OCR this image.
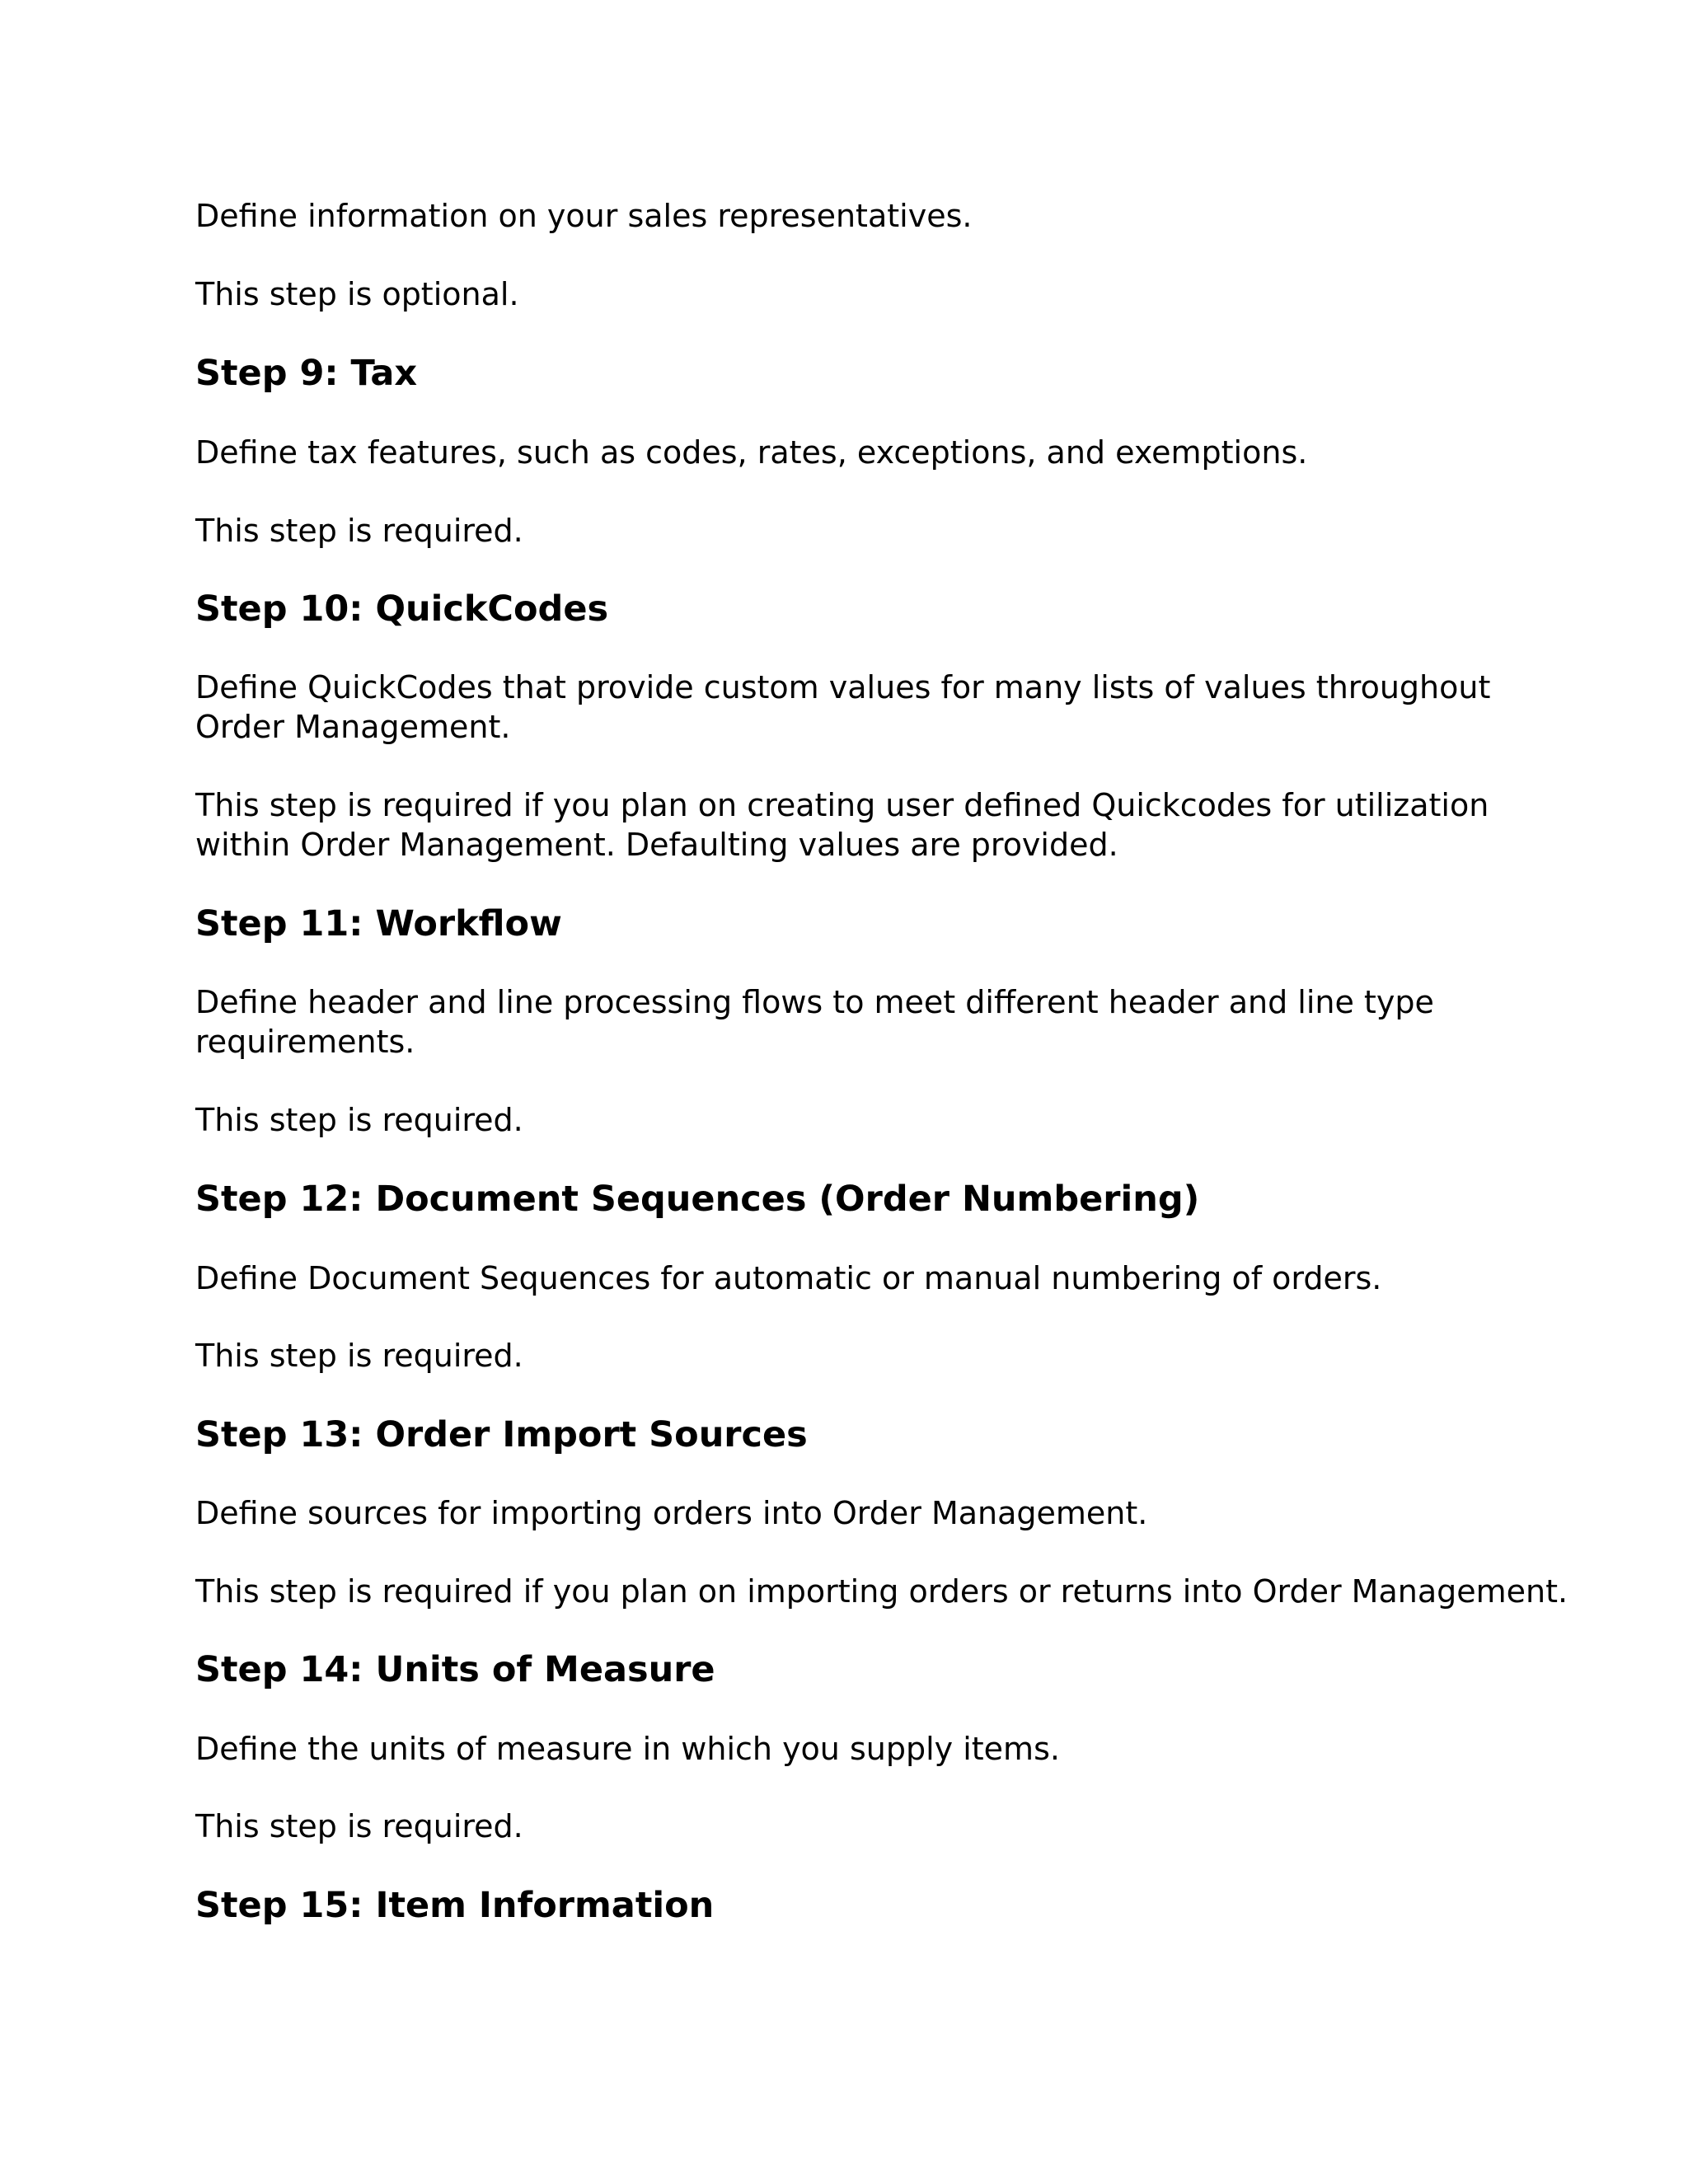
Define information on your sales representatives.
This step is optional.
Step 9: Tax
Define tax features, such as codes, rates, exceptions, and exemptions.
This step is required.
Step 10: QuickCodes
Define QuickCodes that provide custom values for many lists of values throughout
Order Management.
This step is required if you plan on creating user defined Quickcodes for utilization
within Order Management. Defaulting values are provided.
Step 11: Workflow
Define header and line processing flows to meet different header and line type
requirements.
This step is required.
Step 12: Document Sequences (Order Numbering)
Define Document Sequences for automatic or manual numbering of orders.
This step is required.
Step 13: Order Import Sources
Define sources for importing orders into Order Management.
This step is required if you plan on importing orders or returns into Order Management.
Step 14: Units of Measure
Define the units of measure in which you supply items.
This step is required.
Step 15: Item Information
